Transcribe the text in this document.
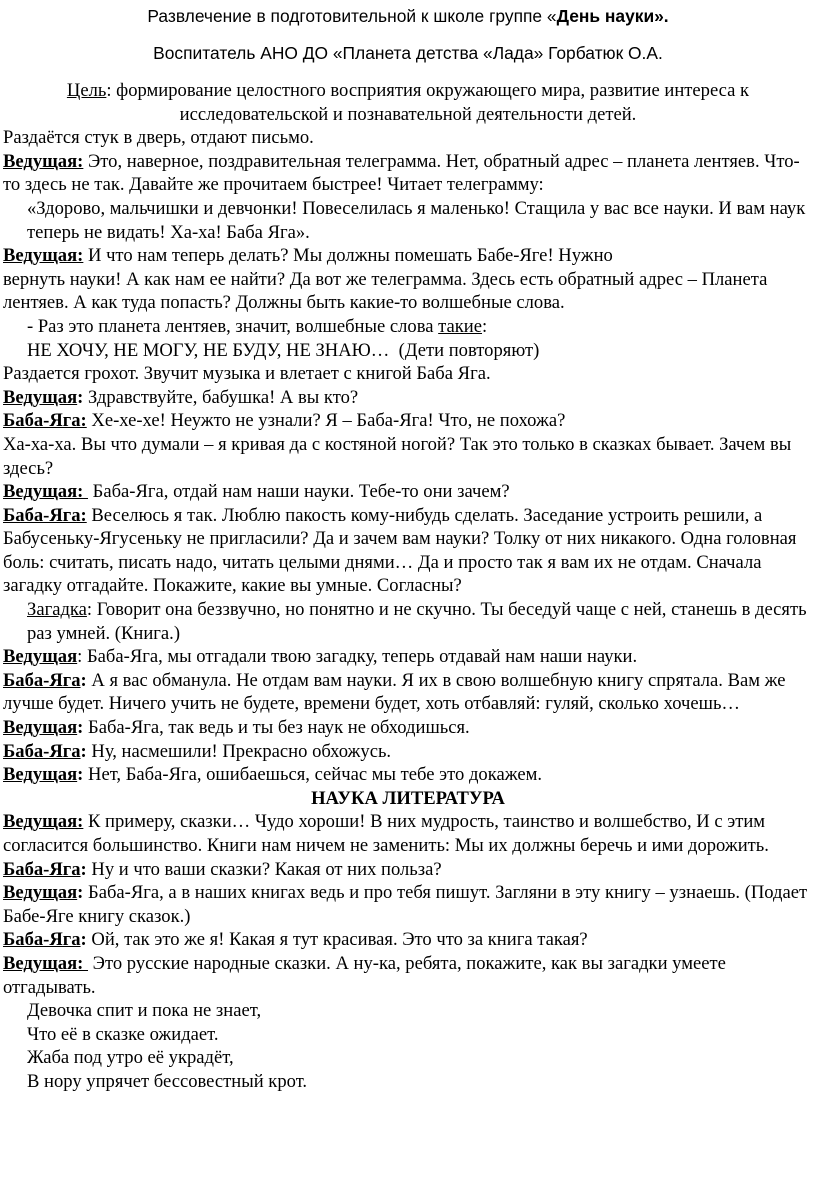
Развлечение в подготовительной к школе группе «День науки».
Воспитатель АНО ДО «Планета детства «Лада» Горбатюк О.А.
Цель: формирование целостного восприятия окружающего мира, развитие интереса к исследовательской и познавательной деятельности детей.

Раздаётся стук в дверь, отдают письмо.

Ведущая: Это, наверное, поздравительная телеграмма. Нет, обратный адрес – планета лентяев. Что-то здесь не так. Давайте же прочитаем быстрее! Читает телеграмму:

«Здорово, мальчишки и девчонки! Повеселилась я маленько! Стащила у вас все науки. И вам наук теперь не видать! Ха-ха! Баба Яга».

Ведущая: И что нам теперь делать? Мы должны помешать Бабе-Яге! Нужно

вернуть науки! А как нам ее найти? Да вот же телеграмма. Здесь есть обратный адрес – Планета лентяев. А как туда попасть? Должны быть какие-то волшебные слова.

- Раз это планета лентяев, значит, волшебные слова такие:

НЕ ХОЧУ, НЕ МОГУ, НЕ БУДУ, НЕ ЗНАЮ…  (Дети повторяют)

Раздается грохот. Звучит музыка и влетает с книгой Баба Яга.

Ведущая: Здравствуйте, бабушка! А вы кто?

Баба-Яга: Хе-хе-хе! Неужто не узнали? Я – Баба-Яга! Что, не похожа?

Ха-ха-ха. Вы что думали – я кривая да с костяной ногой? Так это только в сказках бывает. Зачем вы здесь?

Ведущая:  Баба-Яга, отдай нам наши науки. Тебе-то они зачем?

Баба-Яга: Веселюсь я так. Люблю пакость кому-нибудь сделать. Заседание устроить решили, а Бабусеньку-Ягусеньку не пригласили? Да и зачем вам науки? Толку от них никакого. Одна головная боль: считать, писать надо, читать целыми днями… Да и просто так я вам их не отдам. Сначала загадку отгадайте. Покажите, какие вы умные. Согласны?

Загадка: Говорит она беззвучно, но понятно и не скучно. Ты беседуй чаще с ней, станешь в десять раз умней. (Книга.)

Ведущая: Баба-Яга, мы отгадали твою загадку, теперь отдавай нам наши науки.

Баба-Яга: А я вас обманула. Не отдам вам науки. Я их в свою волшебную книгу спрятала. Вам же лучше будет. Ничего учить не будете, времени будет, хоть отбавляй: гуляй, сколько хочешь…

Ведущая: Баба-Яга, так ведь и ты без наук не обходишься.

Баба-Яга: Ну, насмешили! Прекрасно обхожусь.

Ведущая: Нет, Баба-Яга, ошибаешься, сейчас мы тебе это докажем.

НАУКА ЛИТЕРАТУРА

Ведущая: К примеру, сказки… Чудо хороши! В них мудрость, таинство и волшебство, И с этим согласится большинство. Книги нам ничем не заменить: Мы их должны беречь и ими дорожить.

Баба-Яга: Ну и что ваши сказки? Какая от них польза?

Ведущая: Баба-Яга, а в наших книгах ведь и про тебя пишут. Загляни в эту книгу – узнаешь. (Подает Бабе-Яге книгу сказок.)

Баба-Яга: Ой, так это же я! Какая я тут красивая. Это что за книга такая?

Ведущая:  Это русские народные сказки. А ну-ка, ребята, покажите, как вы загадки умеете отгадывать.

Девочка спит и пока не знает,

Что её в сказке ожидает.

Жаба под утро её украдёт,

В нору упрячет бессовестный крот.
